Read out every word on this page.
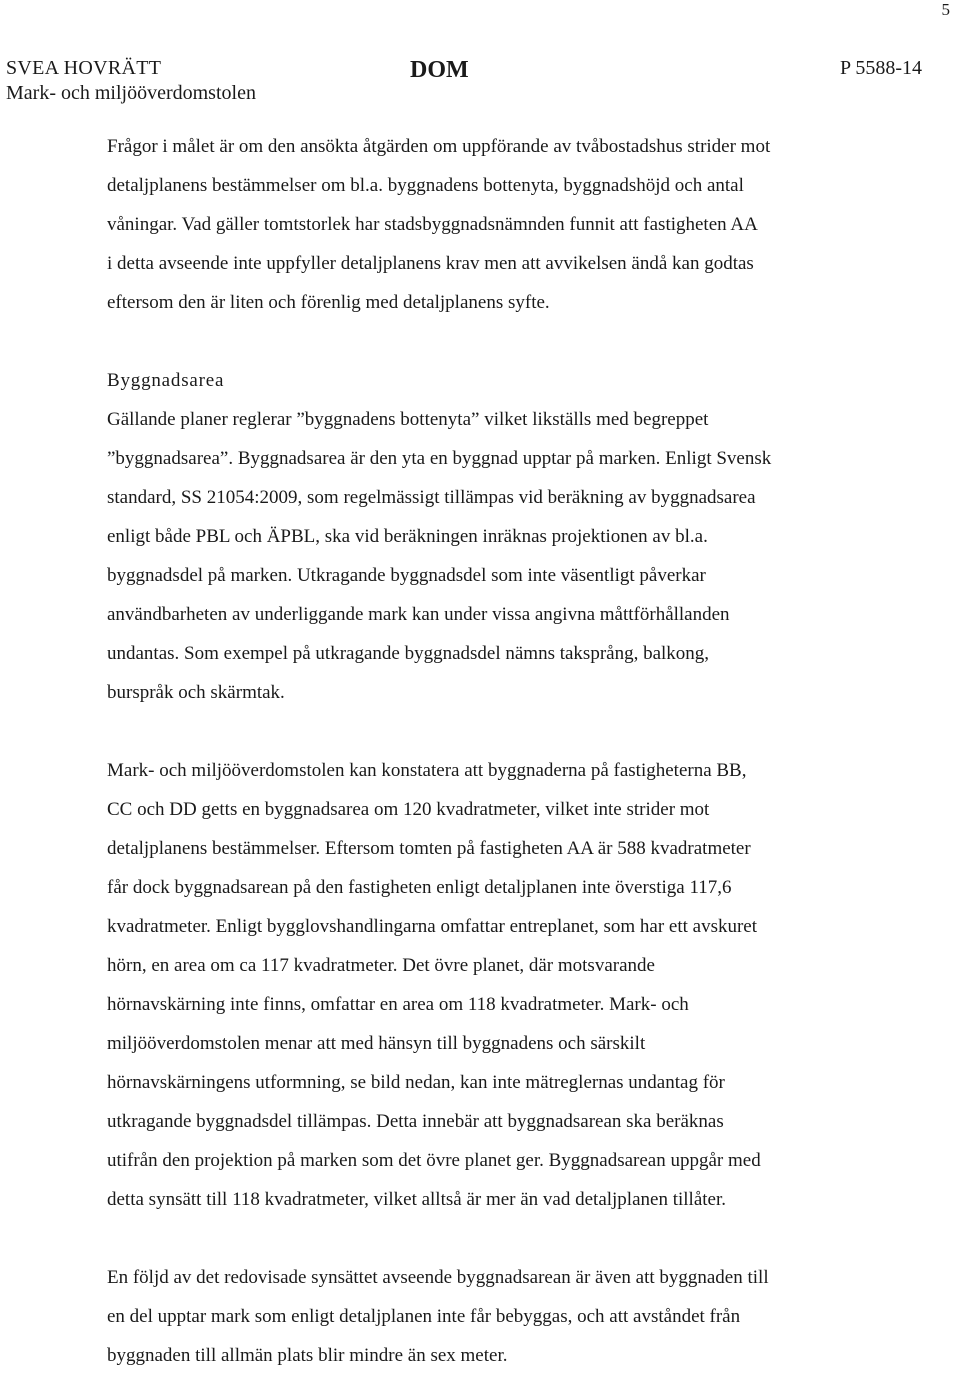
5
SVEA HOVRÄTT
Mark- och miljööverdomstolen
DOM	P 5588-14
Frågor i målet är om den ansökta åtgärden om uppförande av tvåbostadshus strider mot
detaljplanens bestämmelser om bl.a. byggnadens bottenyta, byggnadshöjd och antal
våningar. Vad gäller tomtstorlek har stadsbyggnadsnämnden funnit att fastigheten AA
i detta avseende inte uppfyller detaljplanens krav men att avvikelsen ändå kan godtas
eftersom den är liten och förenlig med detaljplanens syfte.
Byggnadsarea
Gällande planer reglerar ”byggnadens bottenyta” vilket likställs med begreppet
”byggnadsarea”. Byggnadsarea är den yta en byggnad upptar på marken. Enligt Svensk
standard, SS 21054:2009, som regelmässigt tillämpas vid beräkning av byggnadsarea
enligt både PBL och ÄPBL, ska vid beräkningen inräknas projektionen av bl.a.
byggnadsdel på marken. Utkragande byggnadsdel som inte väsentligt påverkar
användbarheten av underliggande mark kan under vissa angivna måttförhållanden
undantas. Som exempel på utkragande byggnadsdel nämns taksprång, balkong,
burspråk och skärmtak.
Mark- och miljööverdomstolen kan konstatera att byggnaderna på fastigheterna BB,
CC och DD getts en byggnadsarea om 120 kvadratmeter, vilket inte strider mot
detaljplanens bestämmelser. Eftersom tomten på fastigheten AA är 588 kvadratmeter
får dock byggnadsarean på den fastigheten enligt detaljplanen inte överstiga 117,6
kvadratmeter. Enligt bygglovshandlingarna omfattar entreplanet, som har ett avskuret
hörn, en area om ca 117 kvadratmeter. Det övre planet, där motsvarande
hörnavskärning inte finns, omfattar en area om 118 kvadratmeter. Mark- och
miljööverdomstolen menar att med hänsyn till byggnadens och särskilt
hörnavskärningens utformning, se bild nedan, kan inte mätreglernas undantag för
utkragande byggnadsdel tillämpas. Detta innebär att byggnadsarean ska beräknas
utifrån den projektion på marken som det övre planet ger. Byggnadsarean uppgår med
detta synsätt till 118 kvadratmeter, vilket alltså är mer än vad detaljplanen tillåter.
En följd av det redovisade synsättet avseende byggnadsarean är även att byggnaden till
en del upptar mark som enligt detaljplanen inte får bebyggas, och att avståndet från
byggnaden till allmän plats blir mindre än sex meter.
